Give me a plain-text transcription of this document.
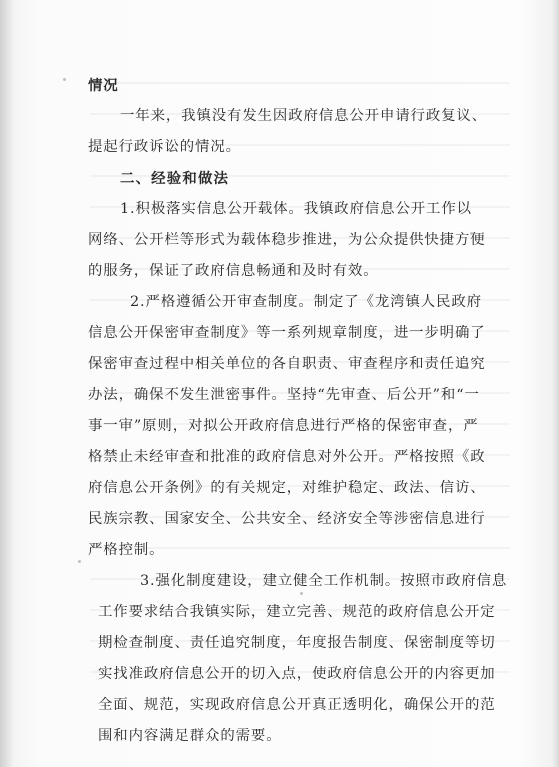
情况
一年来，我镇没有发生因政府信息公开申请行政复议、
提起行政诉讼的情况。
二、经验和做法
1.积极落实信息公开载体。我镇政府信息公开工作以
网络、公开栏等形式为载体稳步推进，为公众提供快捷方便
的服务，保证了政府信息畅通和及时有效。
2.严格遵循公开审查制度。制定了《龙湾镇人民政府
信息公开保密审查制度》等一系列规章制度，进一步明确了
保密审查过程中相关单位的各自职责、审查程序和责任追究
办法，确保不发生泄密事件。坚持“先审查、后公开”和“一
事一审”原则，对拟公开政府信息进行严格的保密审查，严
格禁止未经审查和批准的政府信息对外公开。严格按照《政
府信息公开条例》的有关规定，对维护稳定、政法、信访、
民族宗教、国家安全、公共安全、经济安全等涉密信息进行
严格控制。
3.强化制度建设，建立健全工作机制。按照市政府信息
工作要求结合我镇实际，建立完善、规范的政府信息公开定
期检查制度、责任追究制度，年度报告制度、保密制度等切
实找准政府信息公开的切入点，使政府信息公开的内容更加
全面、规范，实现政府信息公开真正透明化，确保公开的范
围和内容满足群众的需要。
